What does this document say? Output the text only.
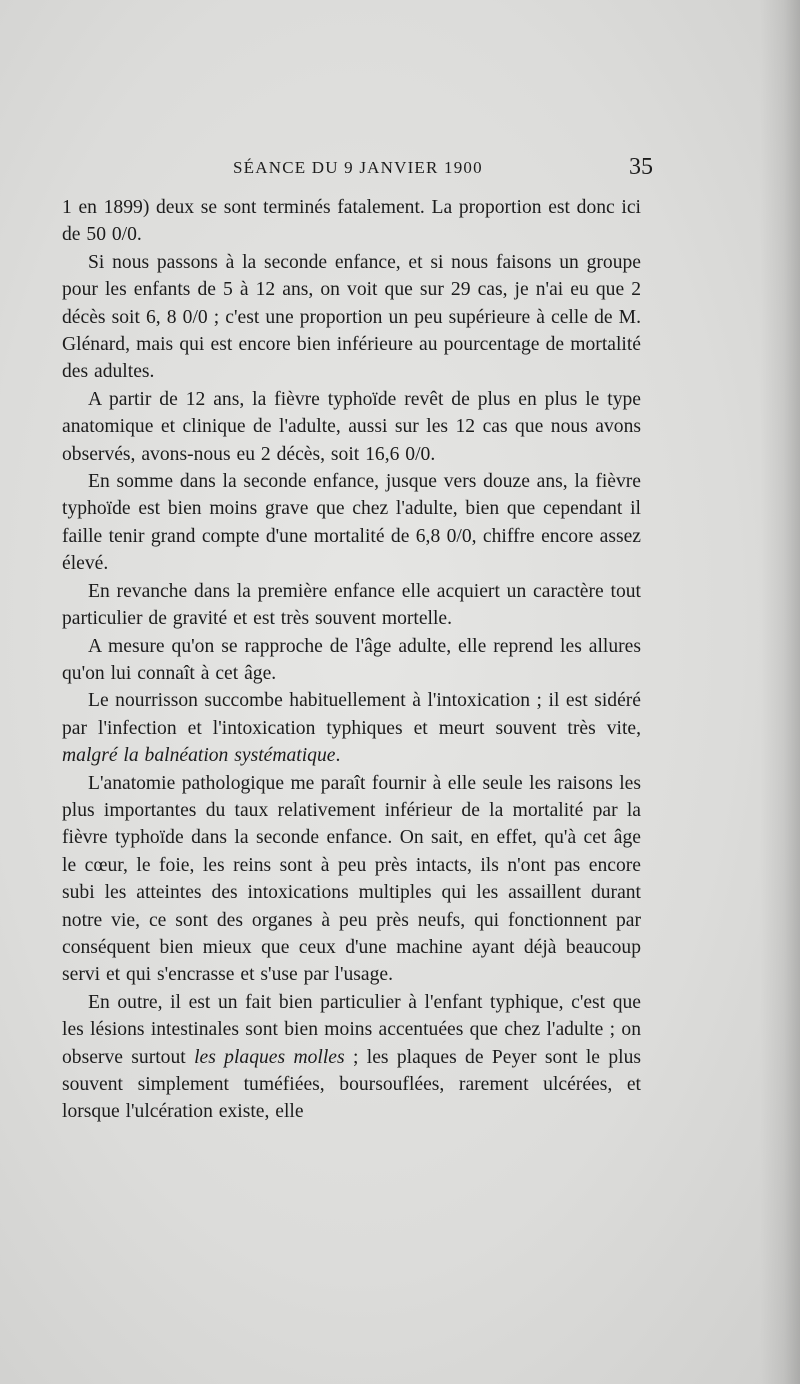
SÉANCE DU 9 JANVIER 1900	35

1 en 1899) deux se sont terminés fatalement. La proportion est donc ici de 50 0/0.

Si nous passons à la seconde enfance, et si nous faisons un groupe pour les enfants de 5 à 12 ans, on voit que sur 29 cas, je n'ai eu que 2 décès soit 6, 8 0/0 ; c'est une proportion un peu supérieure à celle de M. Glénard, mais qui est encore bien inférieure au pourcentage de mortalité des adultes.

A partir de 12 ans, la fièvre typhoïde revêt de plus en plus le type anatomique et clinique de l'adulte, aussi sur les 12 cas que nous avons observés, avons-nous eu 2 décès, soit 16,6 0/0.

En somme dans la seconde enfance, jusque vers douze ans, la fièvre typhoïde est bien moins grave que chez l'adulte, bien que cependant il faille tenir grand compte d'une mortalité de 6,8 0/0, chiffre encore assez élevé.

En revanche dans la première enfance elle acquiert un caractère tout particulier de gravité et est très souvent mortelle.

A mesure qu'on se rapproche de l'âge adulte, elle reprend les allures qu'on lui connaît à cet âge.

Le nourrisson succombe habituellement à l'intoxication ; il est sidéré par l'infection et l'intoxication typhiques et meurt souvent très vite, malgré la balnéation systématique.

L'anatomie pathologique me paraît fournir à elle seule les raisons les plus importantes du taux relativement inférieur de la mortalité par la fièvre typhoïde dans la seconde enfance. On sait, en effet, qu'à cet âge le cœur, le foie, les reins sont à peu près intacts, ils n'ont pas encore subi les atteintes des intoxications multiples qui les assaillent durant notre vie, ce sont des organes à peu près neufs, qui fonctionnent par conséquent bien mieux que ceux d'une machine ayant déjà beaucoup servi et qui s'encrasse et s'use par l'usage.

En outre, il est un fait bien particulier à l'enfant typhique, c'est que les lésions intestinales sont bien moins accentuées que chez l'adulte ; on observe surtout les plaques molles ; les plaques de Peyer sont le plus souvent simplement tuméfiées, boursouflées, rarement ulcérées, et lorsque l'ulcération existe, elle
